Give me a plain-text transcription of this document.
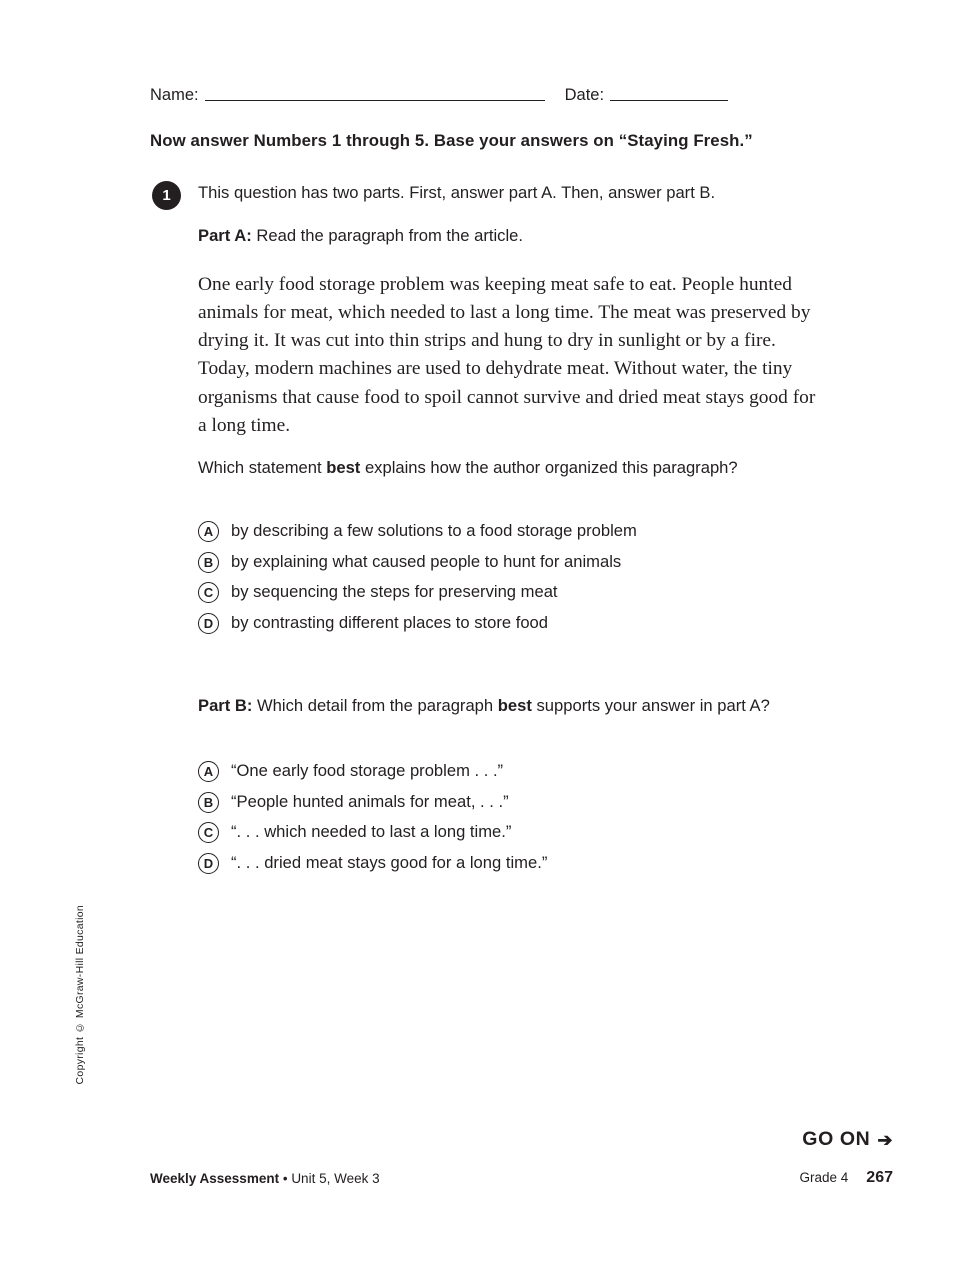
Name:	Date:
Now answer Numbers 1 through 5. Base your answers on “Staying Fresh.”
1	This question has two parts. First, answer part A. Then, answer part B.
Part A: Read the paragraph from the article.
One early food storage problem was keeping meat safe to eat. People hunted animals for meat, which needed to last a long time. The meat was preserved by drying it. It was cut into thin strips and hung to dry in sunlight or by a fire. Today, modern machines are used to dehydrate meat. Without water, the tiny organisms that cause food to spoil cannot survive and dried meat stays good for a long time.
Which statement best explains how the author organized this paragraph?
A	by describing a few solutions to a food storage problem
B	by explaining what caused people to hunt for animals
C	by sequencing the steps for preserving meat
D	by contrasting different places to store food
Part B: Which detail from the paragraph best supports your answer in part A?
A	“One early food storage problem . . .”
B	“People hunted animals for meat, . . .”
C	“. . . which needed to last a long time.”
D	“. . . dried meat stays good for a long time.”
Copyright © McGraw-Hill Education
GO ON ➔
Weekly Assessment • Unit 5, Week 3	Grade 4 267
